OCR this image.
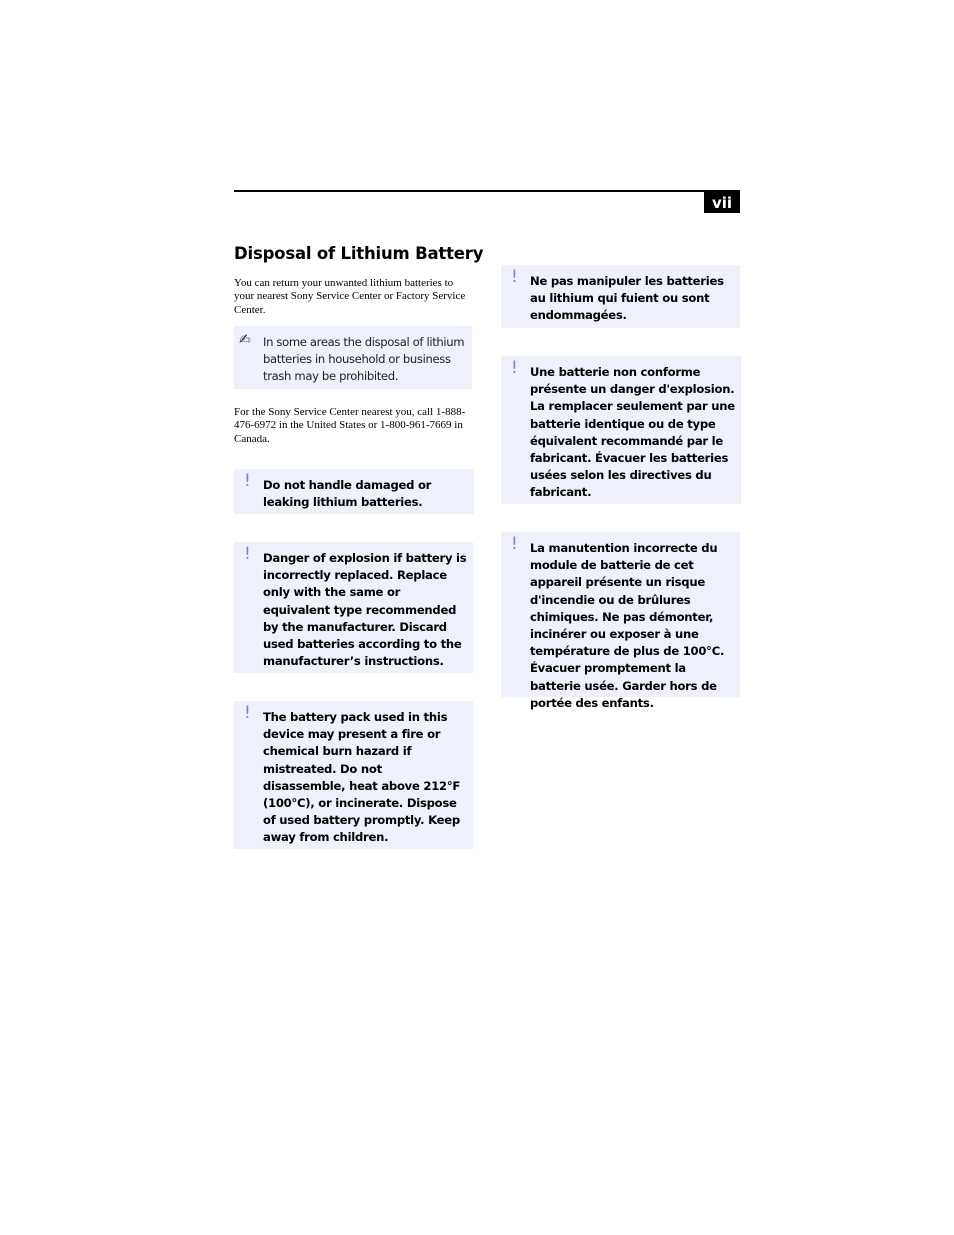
vii
Disposal of Lithium Battery
You can return your unwanted lithium batteries to your nearest Sony Service Center or Factory Service Center.
✍ In some areas the disposal of lithium batteries in household or business trash may be prohibited.
For the Sony Service Center nearest you, call 1-888-476-6972 in the United States or 1-800-961-7669 in Canada.
! Do not handle damaged or leaking lithium batteries.
! Danger of explosion if battery is incorrectly replaced. Replace only with the same or equivalent type recommended by the manufacturer. Discard used batteries according to the manufacturer’s instructions.
! The battery pack used in this device may present a fire or chemical burn hazard if mistreated. Do not disassemble, heat above 212°F (100°C), or incinerate. Dispose of used battery promptly. Keep away from children.
! Ne pas manipuler les batteries au lithium qui fuient ou sont endommagées.
! Une batterie non conforme présente un danger d'explosion. La remplacer seulement par une batterie identique ou de type équivalent recommandé par le fabricant. Évacuer les batteries usées selon les directives du fabricant.
! La manutention incorrecte du module de batterie de cet appareil présente un risque d'incendie ou de brûlures chimiques. Ne pas démonter, incinérer ou exposer à une température de plus de 100°C. Évacuer promptement la batterie usée. Garder hors de portée des enfants.
